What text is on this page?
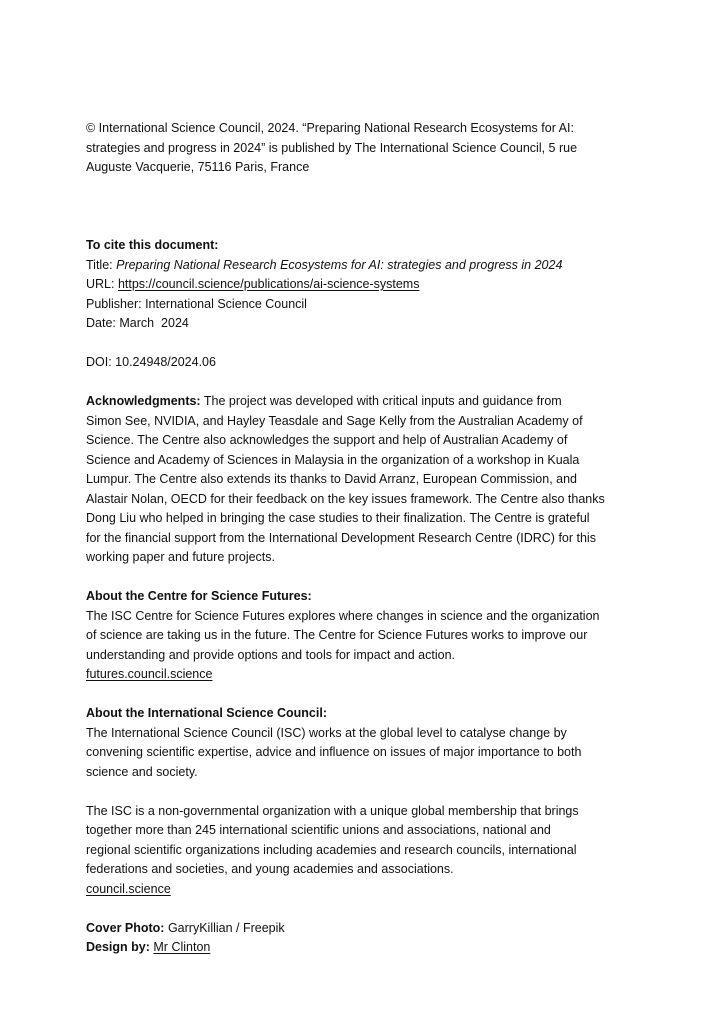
© International Science Council, 2024. “Preparing National Research Ecosystems for AI:
strategies and progress in 2024” is published by The International Science Council, 5 rue
Auguste Vacquerie, 75116 Paris, France
To cite this document:
Title: Preparing National Research Ecosystems for AI: strategies and progress in 2024
URL: https://council.science/publications/ai-science-systems
Publisher: International Science Council
Date: March  2024
DOI: 10.24948/2024.06
Acknowledgments: The project was developed with critical inputs and guidance from
Simon See, NVIDIA, and Hayley Teasdale and Sage Kelly from the Australian Academy of
Science. The Centre also acknowledges the support and help of Australian Academy of
Science and Academy of Sciences in Malaysia in the organization of a workshop in Kuala
Lumpur. The Centre also extends its thanks to David Arranz, European Commission, and
Alastair Nolan, OECD for their feedback on the key issues framework. The Centre also thanks
Dong Liu who helped in bringing the case studies to their finalization. The Centre is grateful
for the financial support from the International Development Research Centre (IDRC) for this
working paper and future projects.
About the Centre for Science Futures:
The ISC Centre for Science Futures explores where changes in science and the organization
of science are taking us in the future. The Centre for Science Futures works to improve our
understanding and provide options and tools for impact and action.
futures.council.science
About the International Science Council:
The International Science Council (ISC) works at the global level to catalyse change by
convening scientific expertise, advice and influence on issues of major importance to both
science and society.
The ISC is a non-governmental organization with a unique global membership that brings
together more than 245 international scientific unions and associations, national and
regional scientific organizations including academies and research councils, international
federations and societies, and young academies and associations.
council.science
Cover Photo: GarryKillian / Freepik
Design by: Mr Clinton
